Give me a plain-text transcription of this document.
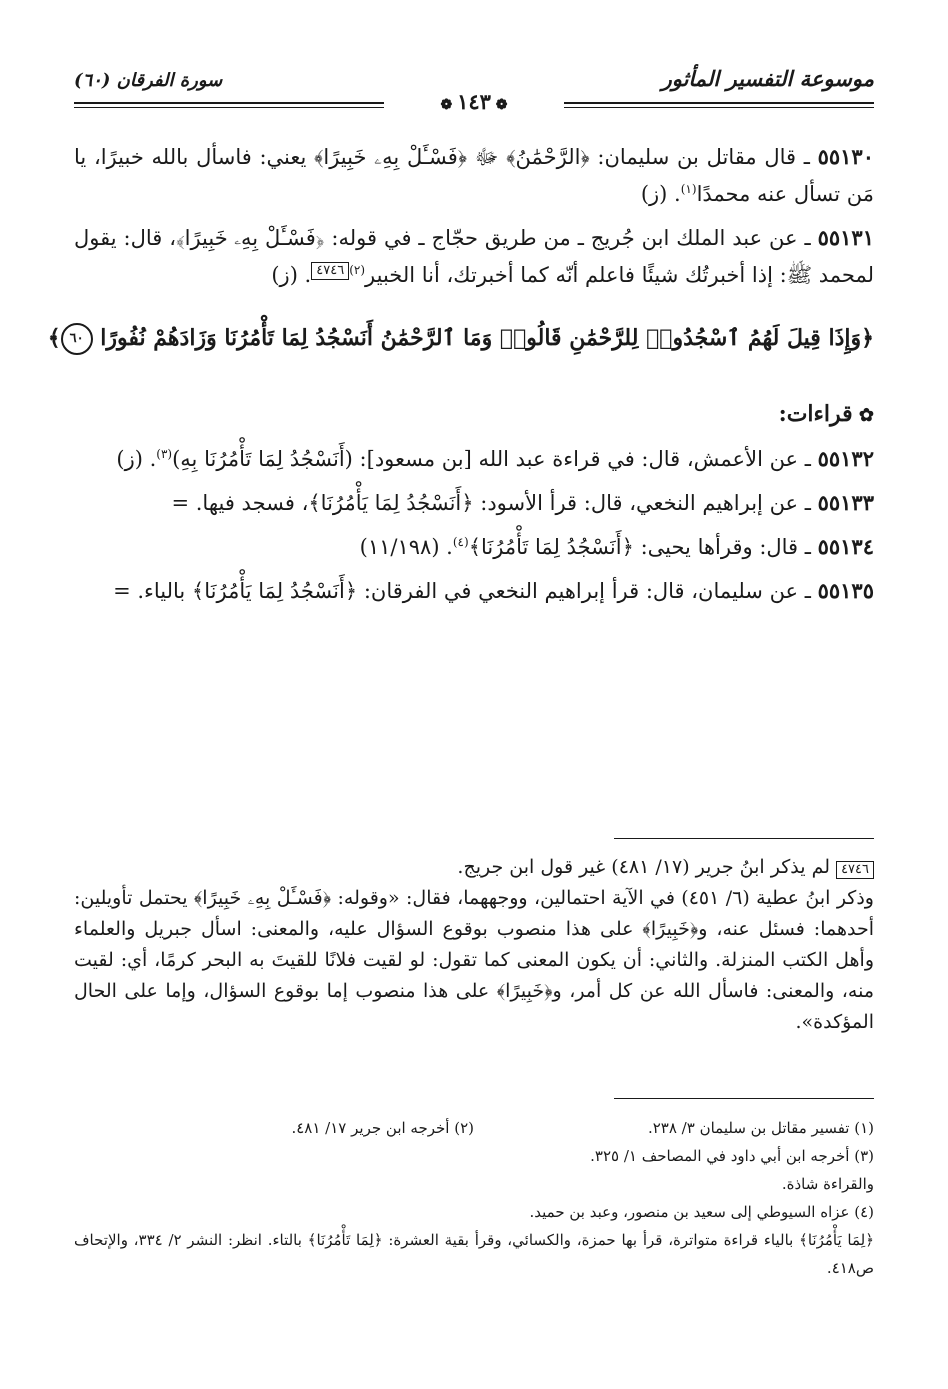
موسوعة التفسير المأثور
❁ ١٤٣ ❁
سورة الفرقان (٦٠)

٥٥١٣٠ ـ قال مقاتل بن سليمان: ﴿الرَّحْمَٰنُ﴾ ﷻ ﴿فَسْـَٔلْ بِهِۦ خَبِيرًا﴾ يعني: فاسأل بالله خبيرًا، يا مَن تسأل عنه محمدًا$^{(١)}$. (ز)

٥٥١٣١ ـ عن عبد الملك ابن جُريج ـ من طريق حجّاج ـ في قوله: ﴿فَسْـَٔلْ بِهِۦ خَبِيرًا﴾، قال: يقول لمحمد ﷺ: إذا أخبرتُك شيئًا فاعلم أنّه كما أخبرتك، أنا الخبير$^{(٢)}$٤٧٤٦. (ز)

﴿وَإِذَا قِيلَ لَهُمُ ٱسْجُدُوا۟ لِلرَّحْمَٰنِ قَالُوا۟ وَمَا ٱلرَّحْمَٰنُ أَنَسْجُدُ لِمَا تَأْمُرُنَا وَزَادَهُمْ نُفُورًا ٦٠﴾
✿ قراءات:

٥٥١٣٢ ـ عن الأعمش، قال: في قراءة عبد الله [بن مسعود]: (أَنَسْجُدُ لِمَا تَأْمُرُنَا بِهِ)$^{(٣)}$. (ز)

٥٥١٣٣ ـ عن إبراهيم النخعي، قال: قرأ الأسود: ﴿أَنَسْجُدُ لِمَا يَأْمُرُنَا﴾، فسجد فيها. =

٥٥١٣٤ ـ قال: وقرأها يحيى: ﴿أَنَسْجُدُ لِمَا تَأْمُرُنَا﴾$^{(٤)}$. (١١/١٩٨)

٥٥١٣٥ ـ عن سليمان، قال: قرأ إبراهيم النخعي في الفرقان: ﴿أَنَسْجُدُ لِمَا يَأْمُرُنَا﴾ بالياء. =

٤٧٤٦ لم يذكر ابنُ جرير (١٧/ ٤٨١) غير قول ابن جريج.

وذكر ابنُ عطية (٦/ ٤٥١) في الآية احتمالين، ووجههما، فقال: «وقوله: ﴿فَسْـَٔلْ بِهِۦ خَبِيرًا﴾ يحتمل تأويلين: أحدهما: فسئل عنه، و﴿خَبِيرًا﴾ على هذا منصوب بوقوع السؤال عليه، والمعنى: اسأل جبريل والعلماء وأهل الكتب المنزلة. والثاني: أن يكون المعنى كما تقول: لو لقيت فلانًا للقيتَ به البحر كرمًا، أي: لقيت منه، والمعنى: فاسأل الله عن كل أمر، و﴿خَبِيرًا﴾ على هذا منصوب إما بوقوع السؤال، وإما على الحال المؤكدة».

(١) تفسير مقاتل بن سليمان ٣/ ٢٣٨.
(٢) أخرجه ابن جرير ١٧/ ٤٨١.

(٣) أخرجه ابن أبي داود في المصاحف ١/ ٣٢٥.

والقراءة شاذة.

(٤) عزاه السيوطي إلى سعيد بن منصور، وعبد بن حميد.

﴿لِمَا يَأْمُرُنَا﴾ بالياء قراءة متواترة، قرأ بها حمزة، والكسائي، وقرأ بقية العشرة: ﴿لِمَا تَأْمُرُنَا﴾ بالتاء. انظر: النشر ٢/ ٣٣٤، والإتحاف ص٤١٨.
